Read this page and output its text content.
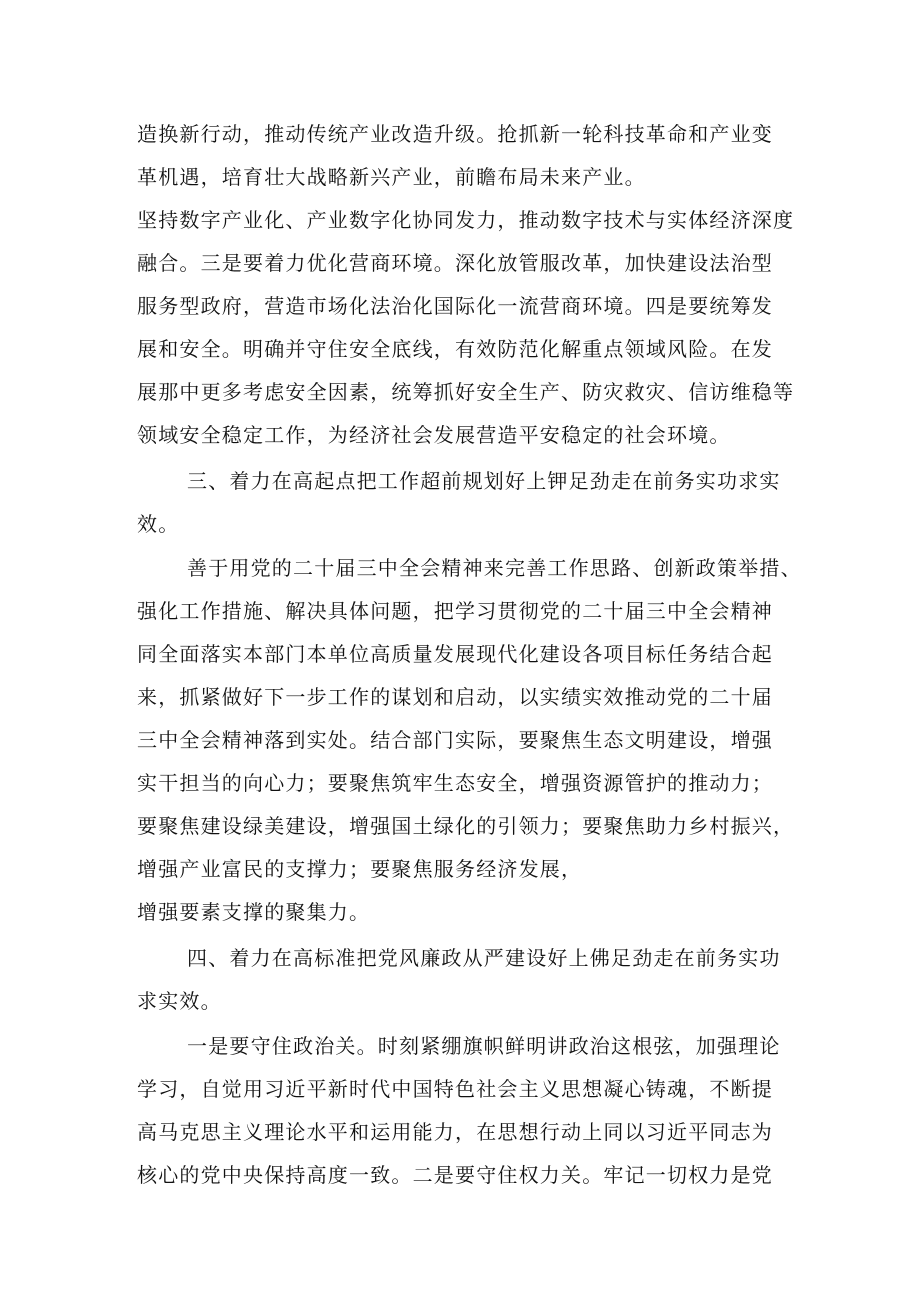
造换新行动，推动传统产业改造升级。抢抓新一轮科技革命和产业变
革机遇，培育壮大战略新兴产业，前瞻布局未来产业。
坚持数字产业化、产业数字化协同发力，推动数字技术与实体经济深度
融合。三是要着力优化营商环境。深化放管服改革，加快建设法治型
服务型政府，营造市场化法治化国际化一流营商环境。四是要统筹发
展和安全。明确并守住安全底线，有效防范化解重点领域风险。在发
展那中更多考虑安全因素，统筹抓好安全生产、防灾救灾、信访维稳等
领域安全稳定工作，为经济社会发展营造平安稳定的社会环境。
三、着力在高起点把工作超前规划好上钾足劲走在前务实功求实
效。
善于用党的二十届三中全会精神来完善工作思路、创新政策举措、
强化工作措施、解决具体问题，把学习贯彻党的二十届三中全会精神
同全面落实本部门本单位高质量发展现代化建设各项目标任务结合起
来，抓紧做好下一步工作的谋划和启动，以实绩实效推动党的二十届
三中全会精神落到实处。结合部门实际，要聚焦生态文明建设，增强
实干担当的向心力；要聚焦筑牢生态安全，增强资源管护的推动力；
要聚焦建设绿美建设，增强国土绿化的引领力；要聚焦助力乡村振兴，
增强产业富民的支撑力；要聚焦服务经济发展，
增强要素支撑的聚集力。
四、着力在高标准把党风廉政从严建设好上佛足劲走在前务实功
求实效。
一是要守住政治关。时刻紧绷旗帜鲜明讲政治这根弦，加强理论
学习，自觉用习近平新时代中国特色社会主义思想凝心铸魂，不断提
高马克思主义理论水平和运用能力，在思想行动上同以习近平同志为
核心的党中央保持高度一致。二是要守住权力关。牢记一切权力是党
